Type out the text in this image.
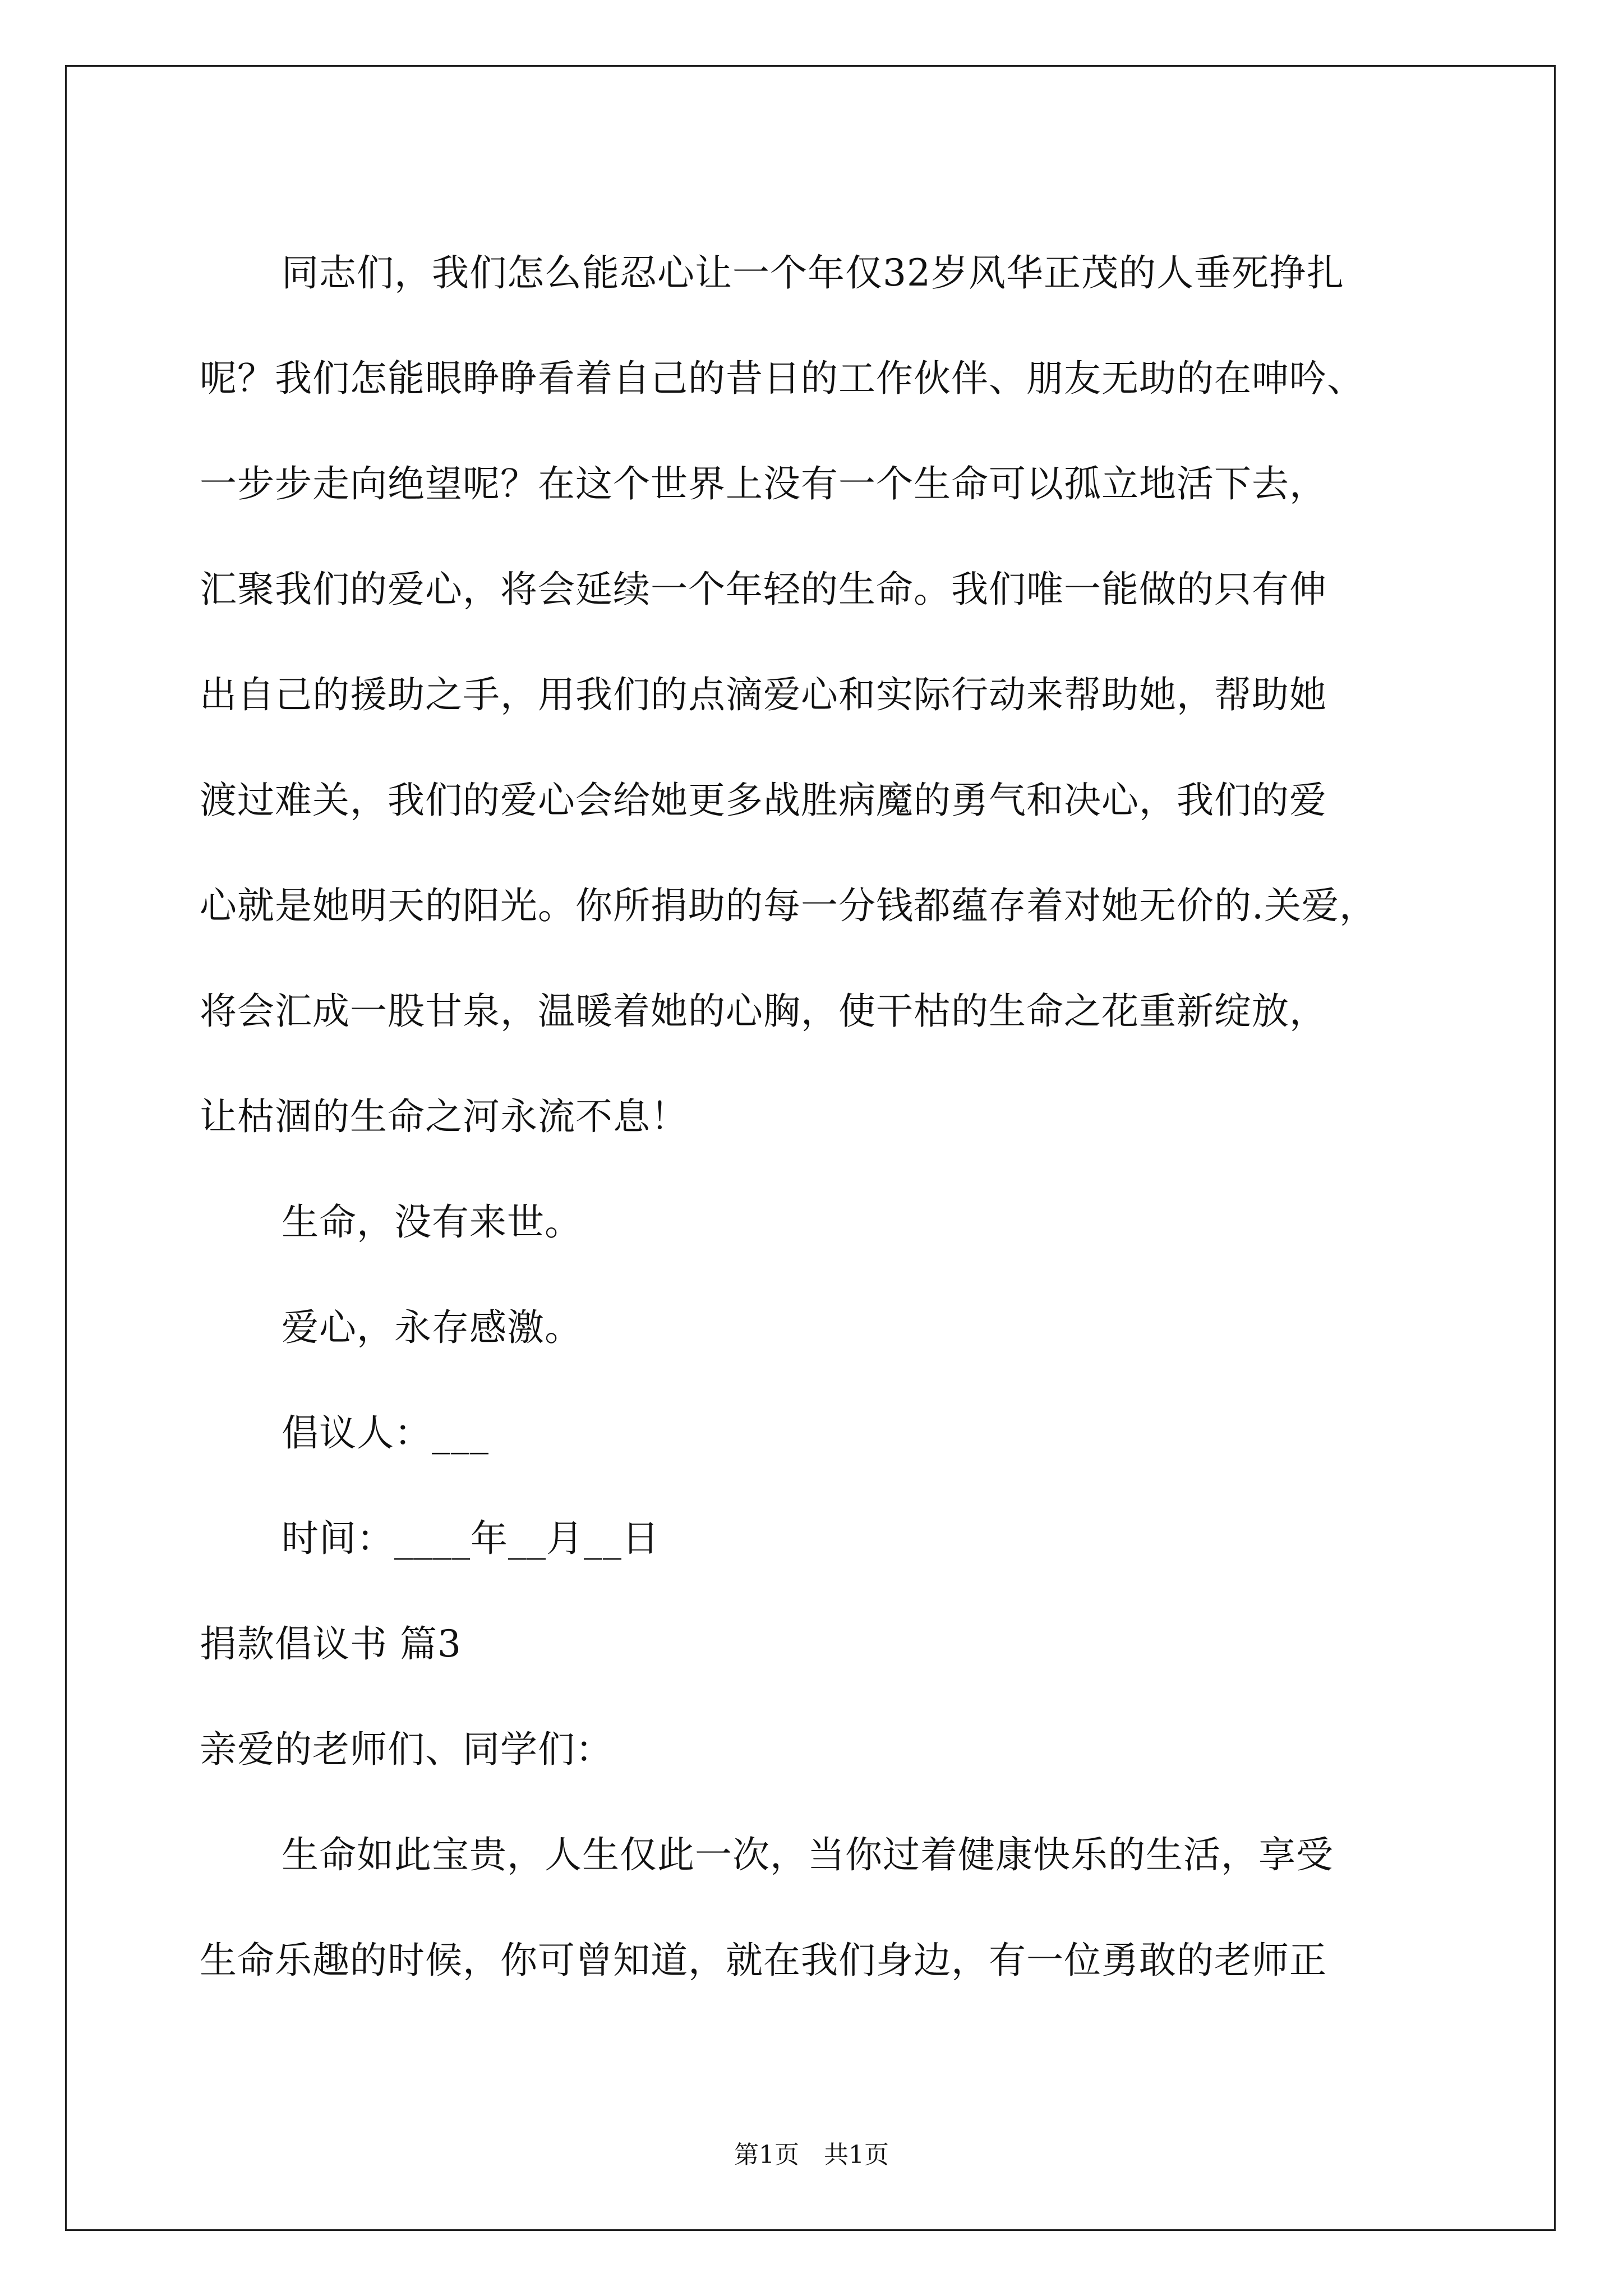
同志们，我们怎么能忍心让一个年仅32岁风华正茂的人垂死挣扎
呢？我们怎能眼睁睁看着自己的昔日的工作伙伴、朋友无助的在呻吟、
一步步走向绝望呢？在这个世界上没有一个生命可以孤立地活下去，
汇聚我们的爱心，将会延续一个年轻的生命。我们唯一能做的只有伸
出自己的援助之手，用我们的点滴爱心和实际行动来帮助她，帮助她
渡过难关，我们的爱心会给她更多战胜病魔的勇气和决心，我们的爱
心就是她明天的阳光。你所捐助的每一分钱都蕴存着对她无价的.关爱，
将会汇成一股甘泉，温暖着她的心胸，使干枯的生命之花重新绽放，
让枯涸的生命之河永流不息！
生命，没有来世。
爱心，永存感激。
倡议人：___
时间：____年__月__日
捐款倡议书 篇3
亲爱的老师们、同学们：
生命如此宝贵，人生仅此一次，当你过着健康快乐的生活，享受
生命乐趣的时候，你可曾知道，就在我们身边，有一位勇敢的老师正
第1页　共1页
